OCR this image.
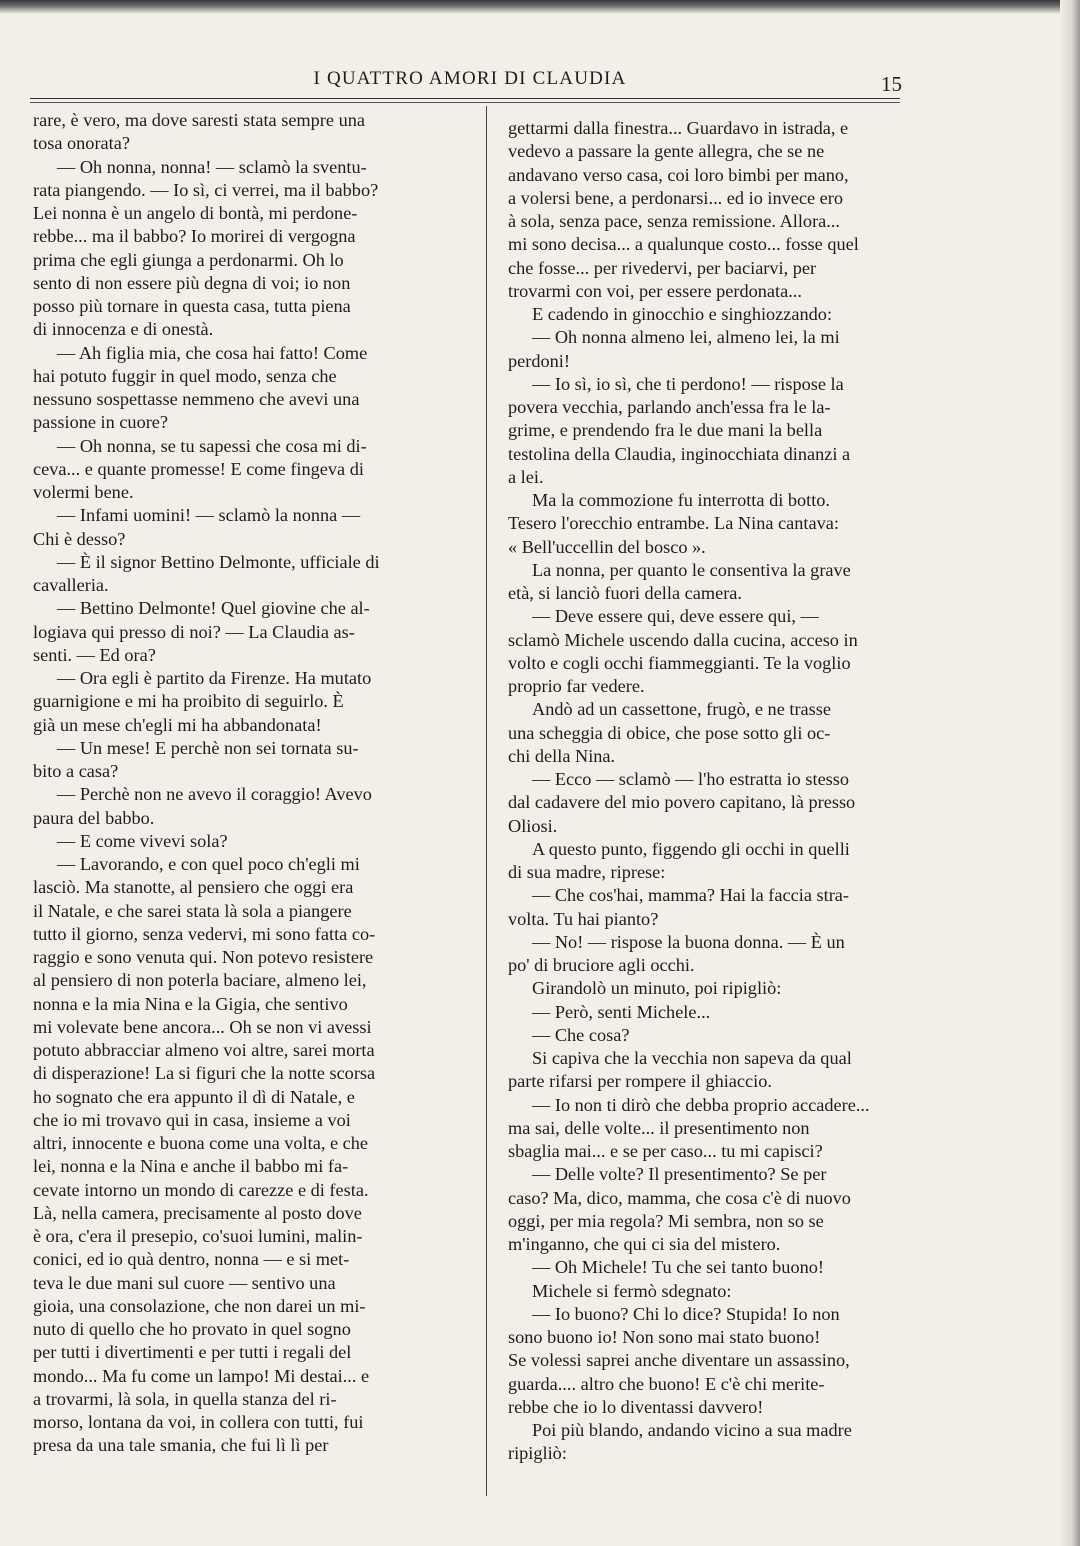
I QUATTRO AMORI DI CLAUDIA	15
rare, è vero, ma dove saresti stata sempre una
tosa onorata?
— Oh nonna, nonna! — sclamò la sventu-
rata piangendo. — Io sì, ci verrei, ma il babbo?
Lei nonna è un angelo di bontà, mi perdone-
rebbe... ma il babbo? Io morirei di vergogna
prima che egli giunga a perdonarmi. Oh lo
sento di non essere più degna di voi; io non
posso più tornare in questa casa, tutta piena
di innocenza e di onestà.
— Ah figlia mia, che cosa hai fatto! Come
hai potuto fuggir in quel modo, senza che
nessuno sospettasse nemmeno che avevi una
passione in cuore?
— Oh nonna, se tu sapessi che cosa mi di-
ceva... e quante promesse! E come fingeva di
volermi bene.
— Infami uomini! — sclamò la nonna —
Chi è desso?
— È il signor Bettino Delmonte, ufficiale di
cavalleria.
— Bettino Delmonte! Quel giovine che al-
logiava qui presso di noi? — La Claudia as-
senti. — Ed ora?
— Ora egli è partito da Firenze. Ha mutato
guarnigione e mi ha proibito di seguirlo. È
già un mese ch'egli mi ha abbandonata!
— Un mese! E perchè non sei tornata su-
bito a casa?
— Perchè non ne avevo il coraggio! Avevo
paura del babbo.
— E come vivevi sola?
— Lavorando, e con quel poco ch'egli mi
lasciò. Ma stanotte, al pensiero che oggi era
il Natale, e che sarei stata là sola a piangere
tutto il giorno, senza vedervi, mi sono fatta co-
raggio e sono venuta qui. Non potevo resistere
al pensiero di non poterla baciare, almeno lei,
nonna e la mia Nina e la Gigia, che sentivo
mi volevate bene ancora... Oh se non vi avessi
potuto abbracciar almeno voi altre, sarei morta
di disperazione! La si figuri che la notte scorsa
ho sognato che era appunto il dì di Natale, e
che io mi trovavo qui in casa, insieme a voi
altri, innocente e buona come una volta, e che
lei, nonna e la Nina e anche il babbo mi fa-
cevate intorno un mondo di carezze e di festa.
Là, nella camera, precisamente al posto dove
è ora, c'era il presepio, co'suoi lumini, malin-
conici, ed io quà dentro, nonna — e si met-
teva le due mani sul cuore — sentivo una
gioia, una consolazione, che non darei un mi-
nuto di quello che ho provato in quel sogno
per tutti i divertimenti e per tutti i regali del
mondo... Ma fu come un lampo! Mi destai... e
a trovarmi, là sola, in quella stanza del ri-
morso, lontana da voi, in collera con tutti, fui
presa da una tale smania, che fui lì lì per
gettarmi dalla finestra... Guardavo in istrada, e
vedevo a passare la gente allegra, che se ne
andavano verso casa, coi loro bimbi per mano,
a volersi bene, a perdonarsi... ed io invece ero
à sola, senza pace, senza remissione. Allora...
mi sono decisa... a qualunque costo... fosse quel
che fosse... per rivedervi, per baciarvi, per
trovarmi con voi, per essere perdonata...
E cadendo in ginocchio e singhiozzando:
— Oh nonna almeno lei, almeno lei, la mi
perdoni!
— Io sì, io sì, che ti perdono! — rispose la
povera vecchia, parlando anch'essa fra le la-
grime, e prendendo fra le due mani la bella
testolina della Claudia, inginocchiata dinanzi a
a lei.
Ma la commozione fu interrotta di botto.
Tesero l'orecchio entrambe. La Nina cantava:
« Bell'uccellin del bosco ».
La nonna, per quanto le consentiva la grave
età, si lanciò fuori della camera.
— Deve essere qui, deve essere qui, —
sclamò Michele uscendo dalla cucina, acceso in
volto e cogli occhi fiammeggianti. Te la voglio
proprio far vedere.
Andò ad un cassettone, frugò, e ne trasse
una scheggia di obice, che pose sotto gli oc-
chi della Nina.
— Ecco — sclamò — l'ho estratta io stesso
dal cadavere del mio povero capitano, là presso
Oliosi.
A questo punto, figgendo gli occhi in quelli
di sua madre, riprese:
— Che cos'hai, mamma? Hai la faccia stra-
volta. Tu hai pianto?
— No! — rispose la buona donna. — È un
po' di bruciore agli occhi.
Girandolò un minuto, poi ripigliò:
— Però, senti Michele...
— Che cosa?
Si capiva che la vecchia non sapeva da qual
parte rifarsi per rompere il ghiaccio.
— Io non ti dirò che debba proprio accadere...
ma sai, delle volte... il presentimento non
sbaglia mai... e se per caso... tu mi capisci?
— Delle volte? Il presentimento? Se per
caso? Ma, dico, mamma, che cosa c'è di nuovo
oggi, per mia regola? Mi sembra, non so se
m'inganno, che qui ci sia del mistero.
— Oh Michele! Tu che sei tanto buono!
Michele si fermò sdegnato:
— Io buono? Chi lo dice? Stupida! Io non
sono buono io! Non sono mai stato buono!
Se volessi saprei anche diventare un assassino,
guarda.... altro che buono! E c'è chi merite-
rebbe che io lo diventassi davvero!
Poi più blando, andando vicino a sua madre
ripigliò:
